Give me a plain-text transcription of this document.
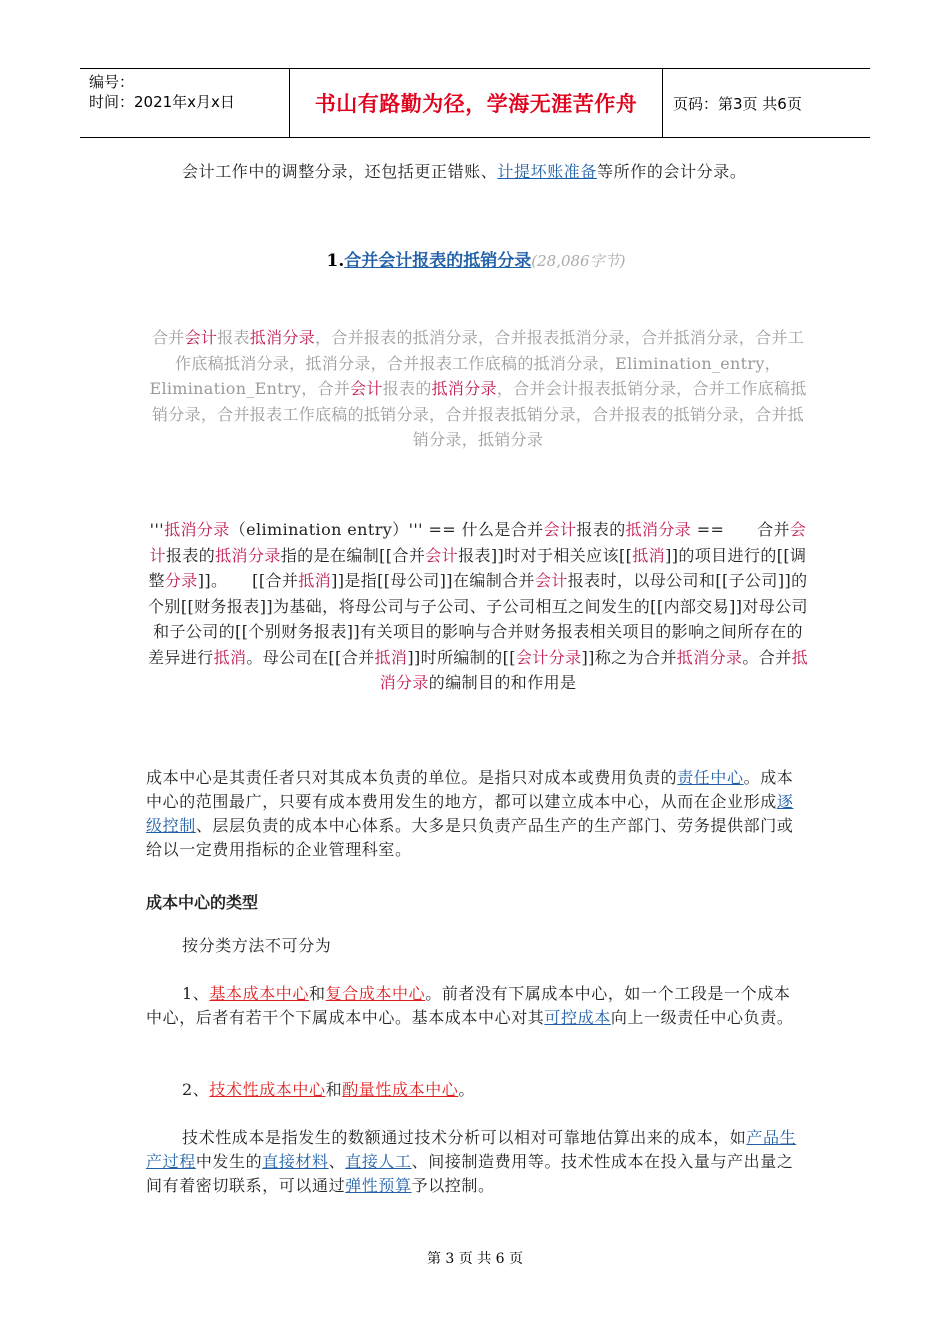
编号：
时间：2021年x月x日	书山有路勤为径，学海无涯苦作舟	页码：第3页 共6页
会计工作中的调整分录，还包括更正错账、计提坏账准备等所作的会计分录。
1.合并会计报表的抵销分录(28,086字节)
合并会计报表抵消分录，合并报表的抵消分录，合并报表抵消分录，合并抵消分录，合并工作底稿抵消分录，抵消分录，合并报表工作底稿的抵消分录，Elimination_entry，Elimination_Entry，合并会计报表的抵消分录，合并会计报表抵销分录，合并工作底稿抵销分录，合并报表工作底稿的抵销分录，合并报表抵销分录，合并报表的抵销分录，合并抵销分录，抵销分录
'''抵消分录（elimination entry）''' == 什么是合并会计报表的抵消分录 ==　　合并会计报表的抵消分录指的是在编制[[合并会计报表]]时对于相关应该[[抵消]]的项目进行的[[调整分录]]。　　[[合并抵消]]是指[[母公司]]在编制合并会计报表时，以母公司和[[子公司]]的个别[[财务报表]]为基础，将母公司与子公司、子公司相互之间发生的[[内部交易]]对母公司和子公司的[[个别财务报表]]有关项目的影响与合并财务报表相关项目的影响之间所存在的差异进行抵消。母公司在[[合并抵消]]时所编制的[[会计分录]]称之为合并抵消分录。合并抵消分录的编制目的和作用是
成本中心是其责任者只对其成本负责的单位。是指只对成本或费用负责的责任中心。成本中心的范围最广，只要有成本费用发生的地方，都可以建立成本中心，从而在企业形成逐级控制、层层负责的成本中心体系。大多是只负责产品生产的生产部门、劳务提供部门或给以一定费用指标的企业管理科室。
成本中心的类型
按分类方法不可分为
1、基本成本中心和复合成本中心。前者没有下属成本中心，如一个工段是一个成本中心，后者有若干个下属成本中心。基本成本中心对其可控成本向上一级责任中心负责。
2、技术性成本中心和酌量性成本中心。
技术性成本是指发生的数额通过技术分析可以相对可靠地估算出来的成本，如产品生产过程中发生的直接材料、直接人工、间接制造费用等。技术性成本在投入量与产出量之间有着密切联系，可以通过弹性预算予以控制。
第 3 页 共 6 页
